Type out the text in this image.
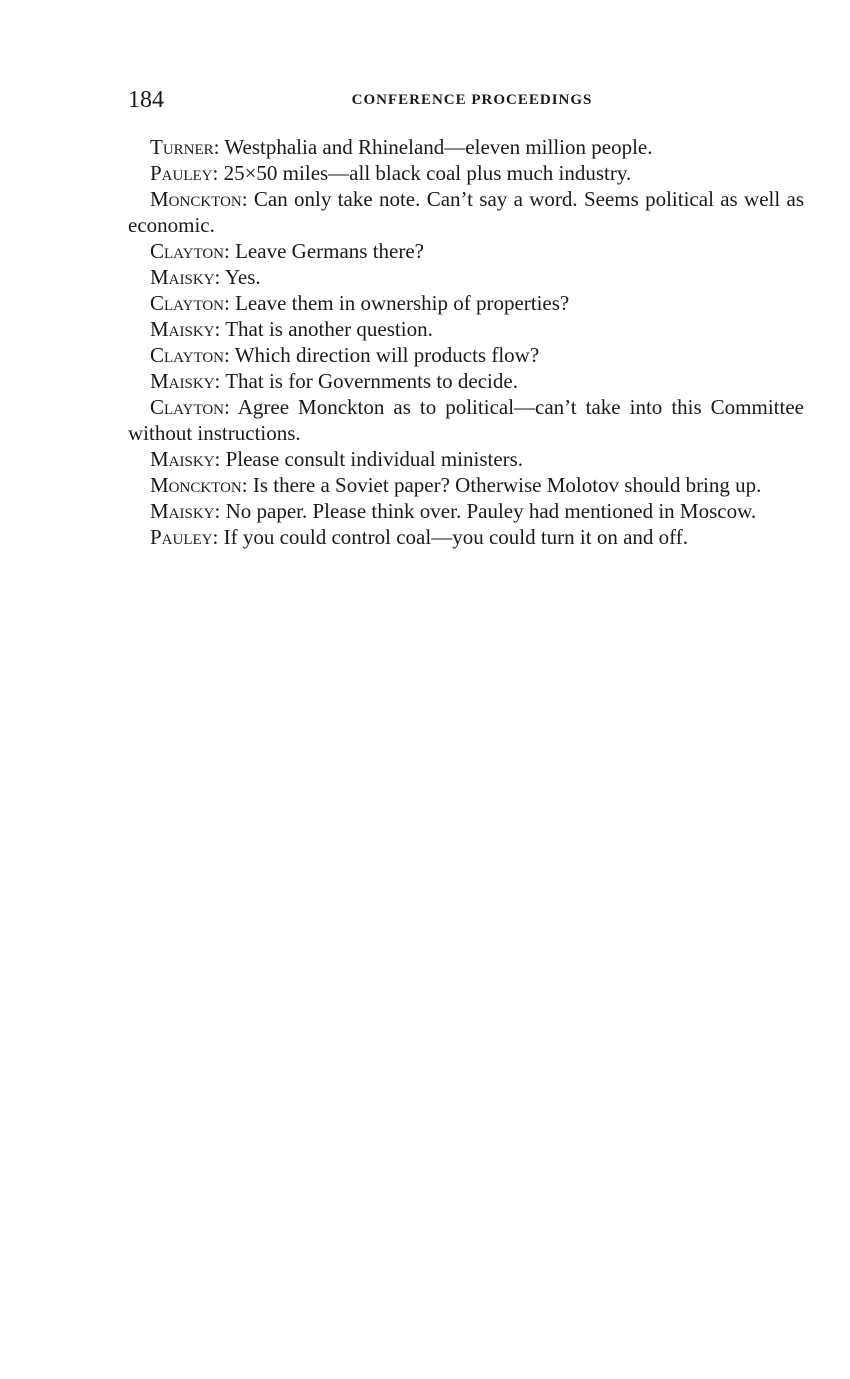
184	CONFERENCE PROCEEDINGS

Turner: Westphalia and Rhineland—eleven million people.

Pauley: 25×50 miles—all black coal plus much industry.

Monckton: Can only take note. Can’t say a word. Seems political as well as economic.

Clayton: Leave Germans there?

Maisky: Yes.

Clayton: Leave them in ownership of properties?

Maisky: That is another question.

Clayton: Which direction will products flow?

Maisky: That is for Governments to decide.

Clayton: Agree Monckton as to political—can’t take into this Committee without instructions.

Maisky: Please consult individual ministers.

Monckton: Is there a Soviet paper? Otherwise Molotov should bring up.

Maisky: No paper. Please think over. Pauley had mentioned in Moscow.

Pauley: If you could control coal—you could turn it on and off.
